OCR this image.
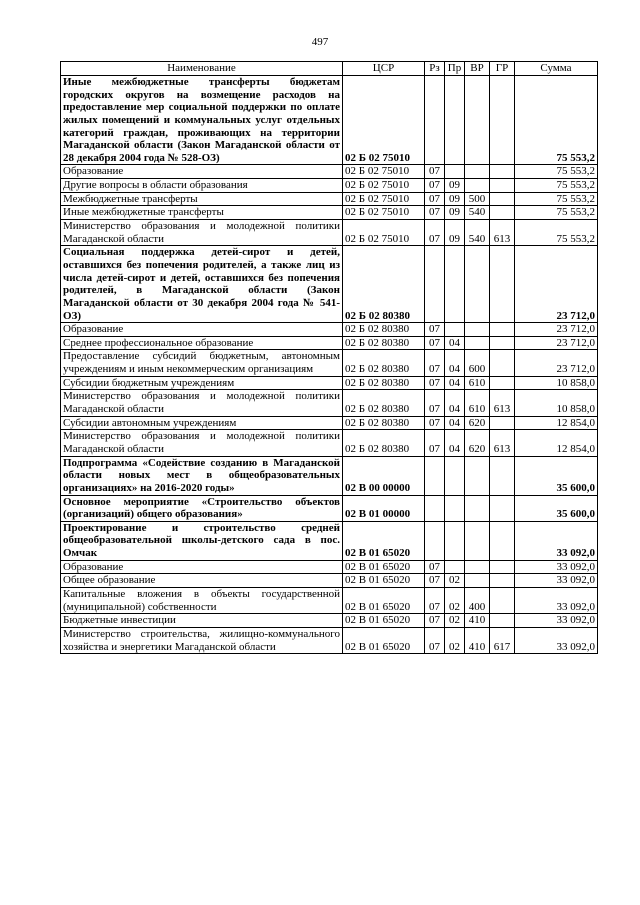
497
Наименование	ЦСР	Рз	Пр	ВР	ГР	Сумма
Иные межбюджетные трансферты бюджетам городских округов на возмещение расходов на предоставление мер социальной поддержки по оплате жилых помещений и коммунальных услуг отдельных категорий граждан, проживающих на территории Магаданской области (Закон Магаданской области от 28 декабря 2004 года № 528-ОЗ)	02 Б 02 75010					75 553,2
Образование	02 Б 02 75010	07				75 553,2
Другие вопросы в области образования	02 Б 02 75010	07	09			75 553,2
Межбюджетные трансферты	02 Б 02 75010	07	09	500		75 553,2
Иные межбюджетные трансферты	02 Б 02 75010	07	09	540		75 553,2
Министерство образования и молодежной политики Магаданской области	02 Б 02 75010	07	09	540	613	75 553,2
Социальная поддержка детей-сирот и детей, оставшихся без попечения родителей, а также лиц из числа детей-сирот и детей, оставшихся без попечения родителей, в Магаданской области (Закон Магаданской области от 30 декабря 2004 года № 541-ОЗ)	02 Б 02 80380					23 712,0
Образование	02 Б 02 80380	07				23 712,0
Среднее профессиональное образование	02 Б 02 80380	07	04			23 712,0
Предоставление субсидий бюджетным, автономным учреждениям и иным некоммерческим организациям	02 Б 02 80380	07	04	600		23 712,0
Субсидии бюджетным учреждениям	02 Б 02 80380	07	04	610		10 858,0
Министерство образования и молодежной политики Магаданской области	02 Б 02 80380	07	04	610	613	10 858,0
Субсидии автономным учреждениям	02 Б 02 80380	07	04	620		12 854,0
Министерство образования и молодежной политики Магаданской области	02 Б 02 80380	07	04	620	613	12 854,0
Подпрограмма «Содействие созданию в Магаданской области новых мест в общеобразовательных организациях» на 2016-2020 годы»	02 В 00 00000					35 600,0
Основное мероприятие «Строительство объектов (организаций) общего образования»	02 В 01 00000					35 600,0
Проектирование и строительство средней общеобразовательной школы-детского сада в пос. Омчак	02 В 01 65020					33 092,0
Образование	02 В 01 65020	07				33 092,0
Общее образование	02 В 01 65020	07	02			33 092,0
Капитальные вложения в объекты государственной (муниципальной) собственности	02 В 01 65020	07	02	400		33 092,0
Бюджетные инвестиции	02 В 01 65020	07	02	410		33 092,0
Министерство строительства, жилищно-коммунального хозяйства и энергетики Магаданской области	02 В 01 65020	07	02	410	617	33 092,0
